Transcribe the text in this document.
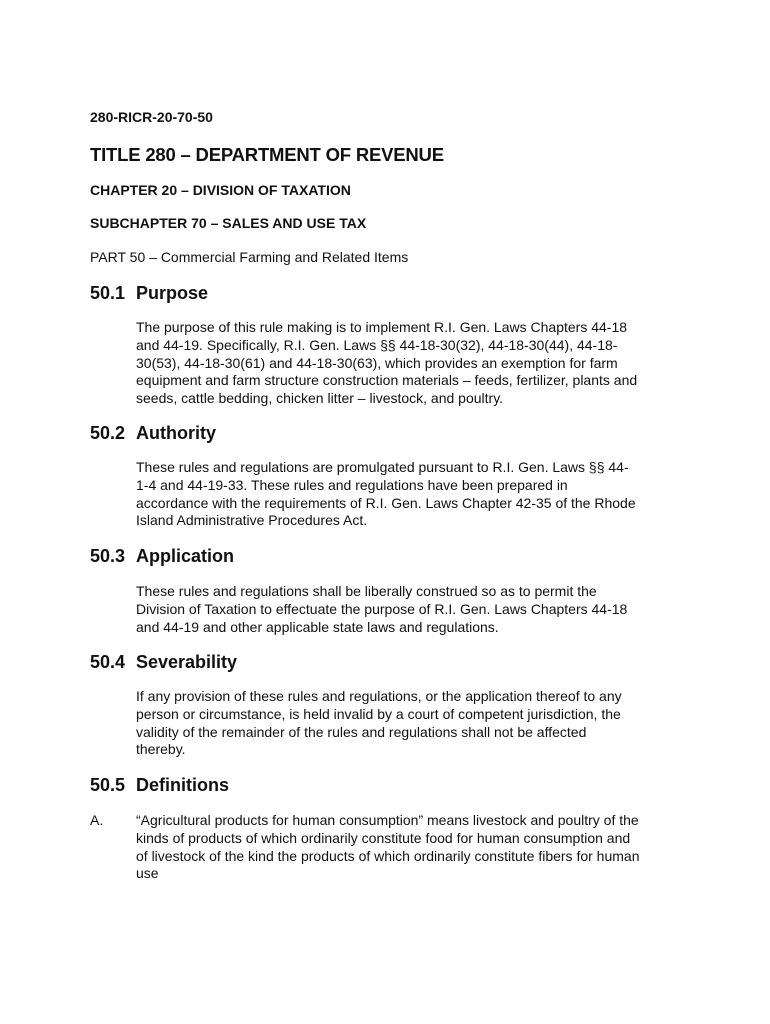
280-RICR-20-70-50
TITLE 280 – DEPARTMENT OF REVENUE
CHAPTER 20 – DIVISION OF TAXATION
SUBCHAPTER 70 – SALES AND USE TAX
PART 50 – Commercial Farming and Related Items
50.1 Purpose
The purpose of this rule making is to implement R.I. Gen. Laws Chapters 44-18
and 44-19. Specifically, R.I. Gen. Laws §§ 44-18-30(32), 44-18-30(44), 44-18-
30(53), 44-18-30(61) and 44-18-30(63), which provides an exemption for farm
equipment and farm structure construction materials – feeds, fertilizer, plants and
seeds, cattle bedding, chicken litter – livestock, and poultry.
50.2 Authority
These rules and regulations are promulgated pursuant to R.I. Gen. Laws §§ 44-
1-4 and 44-19-33. These rules and regulations have been prepared in
accordance with the requirements of R.I. Gen. Laws Chapter 42-35 of the Rhode
Island Administrative Procedures Act.
50.3 Application
These rules and regulations shall be liberally construed so as to permit the
Division of Taxation to effectuate the purpose of R.I. Gen. Laws Chapters 44-18
and 44-19 and other applicable state laws and regulations.
50.4 Severability
If any provision of these rules and regulations, or the application thereof to any
person or circumstance, is held invalid by a court of competent jurisdiction, the
validity of the remainder of the rules and regulations shall not be affected
thereby.
50.5 Definitions
A. “Agricultural products for human consumption” means livestock and poultry of the
kinds of products of which ordinarily constitute food for human consumption and
of livestock of the kind the products of which ordinarily constitute fibers for human
use
